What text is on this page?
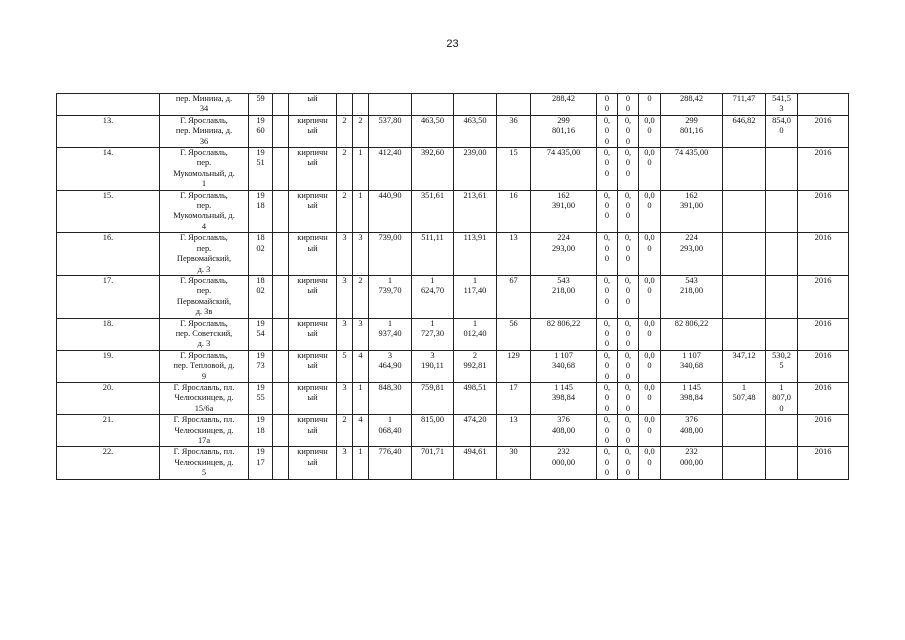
23

	пер. Минина, д.
34	59		ый							288,42	0
0	0
0	0	288,42	711,47	541,5
3	

13.	Г. Ярославль,
пер. Минина, д.
36	19
60		кирпичн
ый	2	2	537,80	463,50	463,50	36	299
801,16	0,
0
0	0,
0
0	0,0
0	299
801,16	646,82	854,0
0	2016
14.	Г. Ярославль,
пер.
Мукомольный, д.
1	19
51		кирпичн
ый	2	1	412,40	392,60	239,00	15	74 435,00	0,
0
0	0,
0
0	0,0
0	74 435,00			2016
15.	Г. Ярославль,
пер.
Мукомольный, д.
4	19
18		кирпичн
ый	2	1	440,90	351,61	213,61	16	162
391,00	0,
0
0	0,
0
0	0,0
0	162
391,00			2016
16.	Г. Ярославль,
пер.
Первомайский,
д. 3	18
02		кирпичн
ый	3	3	739,00	511,11	113,91	13	224
293,00	0,
0
0	0,
0
0	0,0
0	224
293,00			2016
17.	Г. Ярославль,
пер.
Первомайский,
д. 3в	18
02		кирпичн
ый	3	2	1
739,70	1
624,70	1
117,40	67	543
218,00	0,
0
0	0,
0
0	0,0
0	543
218,00			2016
18.	Г. Ярославль,
пер. Советский,
д. 3	19
54		кирпичн
ый	3	3	1
937,40	1
727,30	1
012,40	56	82 806,22	0,
0
0	0,
0
0	0,0
0	82 806,22			2016
19.	Г. Ярославль,
пер. Тепловой, д.
9	19
73		кирпичн
ый	5	4	3
464,90	3
190,11	2
992,81	129	1 107
340,68	0,
0
0	0,
0
0	0,0
0	1 107
340,68	347,12	530,2
5	2016
20.	Г. Ярославль, пл.
Челюскинцев, д.
15/6а	19
55		кирпичн
ый	3	1	848,30	759,81	498,51	17	1 145
398,84	0,
0
0	0,
0
0	0,0
0	1 145
398,84	1
507,48	1
807,0
0	2016
21.	Г. Ярославль, пл.
Челюскинцев, д.
17а	19
18		кирпичн
ый	2	4	1
068,40	815,00	474,20	13	376
408,00	0,
0
0	0,
0
0	0,0
0	376
408,00			2016
22.	Г. Ярославль, пл.
Челюскинцев, д.
5	19
17		кирпичн
ый	3	1	776,40	701,71	494,61	30	232
000,00	0,
0
0	0,
0
0	0,0
0	232
000,00			2016
